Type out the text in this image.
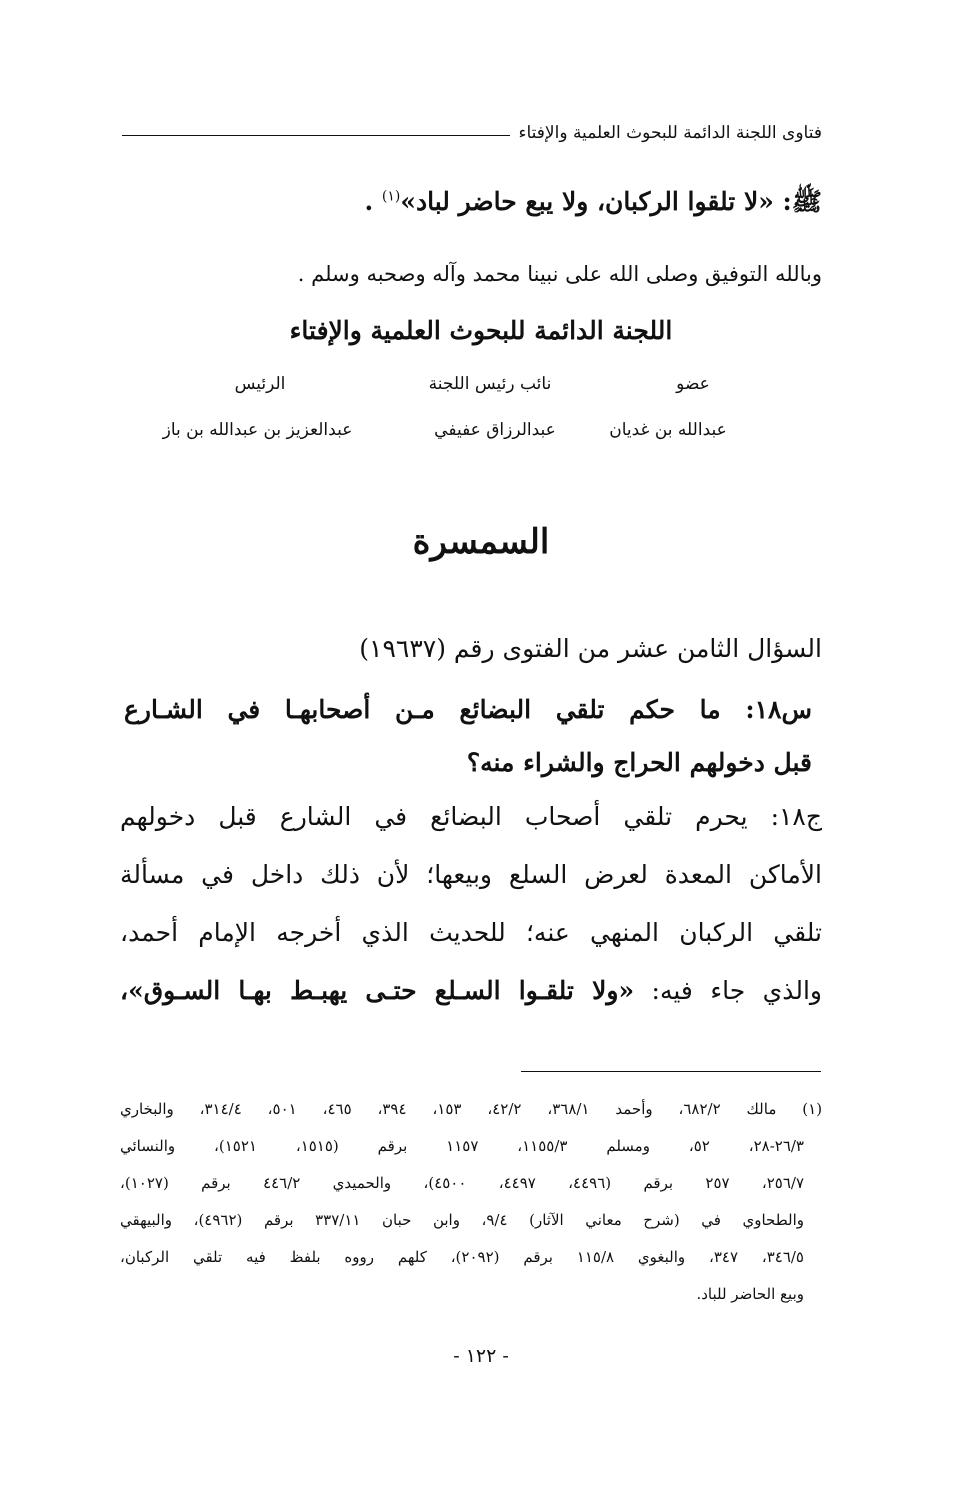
فتاوى اللجنة الدائمة للبحوث العلمية والإفتاء
ﷺ: «لا تلقوا الركبان، ولا يبع حاضر لباد»$^{(١)}$ .
وبالله التوفيق وصلى الله على نبينا محمد وآله وصحبه وسلم .
اللجنة الدائمة للبحوث العلمية والإفتاء
عضو
نائب رئيس اللجنة
الرئيس
عبدالله بن غديان
عبدالرزاق عفيفي
عبدالعزيز بن عبدالله بن باز
السمسرة
السؤال الثامن عشر من الفتوى رقم (١٩٦٣٧)
س١٨: ما حكم تلقي البضائع مـن أصحابهـا في الشـارع
قبل دخولهم الحراج والشراء منه؟
ج١٨: يحرم تلقي أصحاب البضائع في الشارع قبل دخولهم
الأماكن المعدة لعرض السلع وبيعها؛ لأن ذلك داخل في مسألة
تلقي الركبان المنهي عنه؛ للحديث الذي أخرجه الإمام أحمد،
والذي جاء فيه: «ولا تلقـوا السـلع حتـى يهبـط بهـا السـوق»،
(١) مالك ٦٨٢/٢، وأحمد ٣٦٨/١، ٤٢/٢، ١٥٣، ٣٩٤، ٤٦٥، ٥٠١، ٣١٤/٤، والبخاري
٢٦/٣-٢٨، ٥٢، ومسلم ١١٥٥/٣، ١١٥٧ برقم (١٥١٥، ١٥٢١)، والنسائي
٢٥٦/٧، ٢٥٧ برقم (٤٤٩٦، ٤٤٩٧، ٤٥٠٠)، والحميدي ٤٤٦/٢ برقم (١٠٢٧)،
والطحاوي في (شرح معاني الآثار) ٩/٤، وابن حبان ٣٣٧/١١ برقم (٤٩٦٢)، والبيهقي
٣٤٦/٥، ٣٤٧، والبغوي ١١٥/٨ برقم (٢٠٩٢)، كلهم رووه بلفظ فيه تلقي الركبان،
وبيع الحاضر للباد.
- ١٢٢ -
